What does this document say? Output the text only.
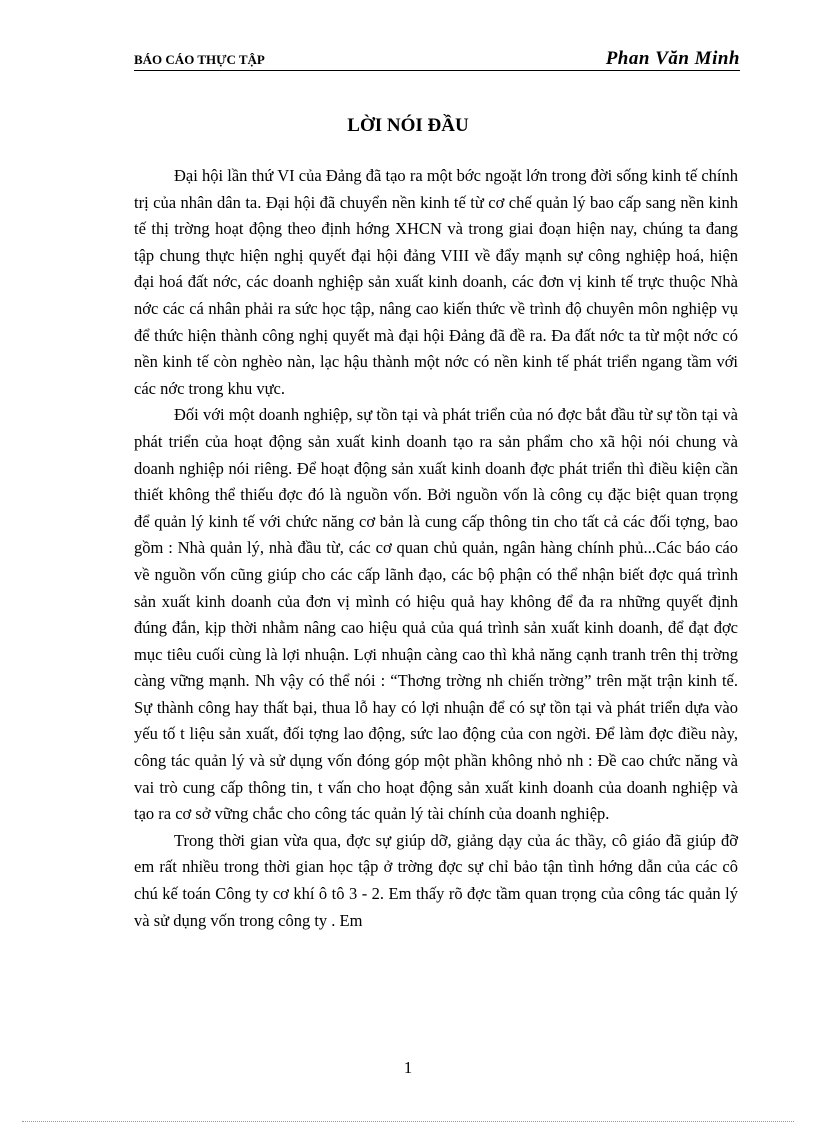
BÁO CÁO THỰC TẬP	Phan Văn Minh
LỜI NÓI ĐẦU

Đại hội lần thứ VI của Đảng đã tạo ra một bớc ngoặt lớn trong đời sống kinh tế chính trị của nhân dân ta. Đại hội đã chuyển nền kinh tế từ cơ chế quản lý bao cấp sang nền kinh tế thị trờng hoạt động theo định hớng XHCN và trong giai đoạn hiện nay, chúng ta đang tập chung thực hiện nghị quyết đại hội đảng VIII về đẩy mạnh sự công nghiệp hoá, hiện đại hoá đất nớc, các doanh nghiệp sản xuất kinh doanh, các đơn vị kinh tế trực thuộc Nhà nớc các cá nhân phải ra sức học tập, nâng cao kiến thức về trình độ chuyên môn nghiệp vụ để thức hiện thành công nghị quyết mà đại hội Đảng đã đề ra. Đa đất nớc ta từ một nớc có nền kinh tế còn nghèo nàn, lạc hậu thành một nớc có nền kinh tế phát triển ngang tầm với các nớc trong khu vực.

Đối với một doanh nghiệp, sự tồn tại và phát triển của nó đợc bắt đầu từ sự tồn tại và phát triển của hoạt động sản xuất kinh doanh tạo ra sản phẩm cho xã hội nói chung và doanh nghiệp nói riêng. Để hoạt động sản xuất kinh doanh đợc phát triển thì điều kiện cần thiết không thể thiếu đợc đó là nguồn vốn. Bởi nguồn vốn là công cụ đặc biệt quan trọng để quản lý kinh tế với chức năng cơ bản là cung cấp thông tin cho tất cả các đối tợng, bao gồm : Nhà quản lý, nhà đầu từ, các cơ quan chủ quản, ngân hàng chính phủ...Các báo cáo về nguồn vốn cũng giúp cho các cấp lãnh đạo, các bộ phận có thể nhận biết đợc quá trình sản xuất kinh doanh của đơn vị mình có hiệu quả hay không để đa ra những quyết định đúng đắn, kịp thời nhằm nâng cao hiệu quả của quá trình sản xuất kinh doanh, để đạt đợc mục tiêu cuối cùng là lợi nhuận. Lợi nhuận càng cao thì khả năng cạnh tranh trên thị trờng càng vững mạnh. Nh vậy có thể nói : “Thơng trờng nh chiến trờng” trên mặt trận kinh tế. Sự thành công hay thất bại, thua lỗ hay có lợi nhuận để có sự tồn tại và phát triển dựa vào yếu tố t liệu sản xuất, đối tợng lao động, sức lao động của con ngời. Để làm đợc điều này, công tác quản lý và sử dụng vốn đóng góp một phần không nhỏ nh : Đề cao chức năng và vai trò cung cấp thông tin, t vấn cho hoạt động sản xuất kinh doanh của doanh nghiệp và tạo ra cơ sở vững chắc cho công tác quản lý tài chính của doanh nghiệp.

Trong thời gian vừa qua, đợc sự giúp dỡ, giảng dạy của ác thầy, cô giáo đã giúp đỡ em rất nhiều trong thời gian học tập ở trờng đợc sự chỉ bảo tận tình hớng dẫn của các cô chú kế toán Công ty cơ khí ô tô 3 - 2. Em thấy rõ đợc tầm quan trọng của công tác quản lý và sử dụng vốn trong công ty . Em

1
